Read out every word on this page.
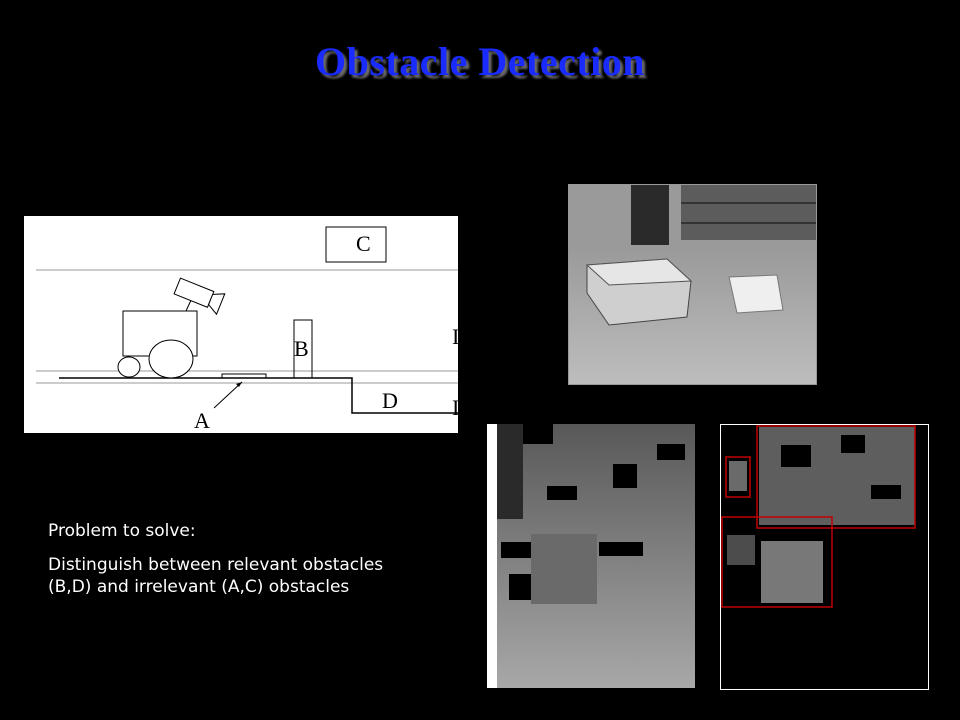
Obstacle Detection
C
B
A
D
I
I

Problem to solve:

Distinguish between relevant obstacles (B,D) and irrelevant (A,C) obstacles
